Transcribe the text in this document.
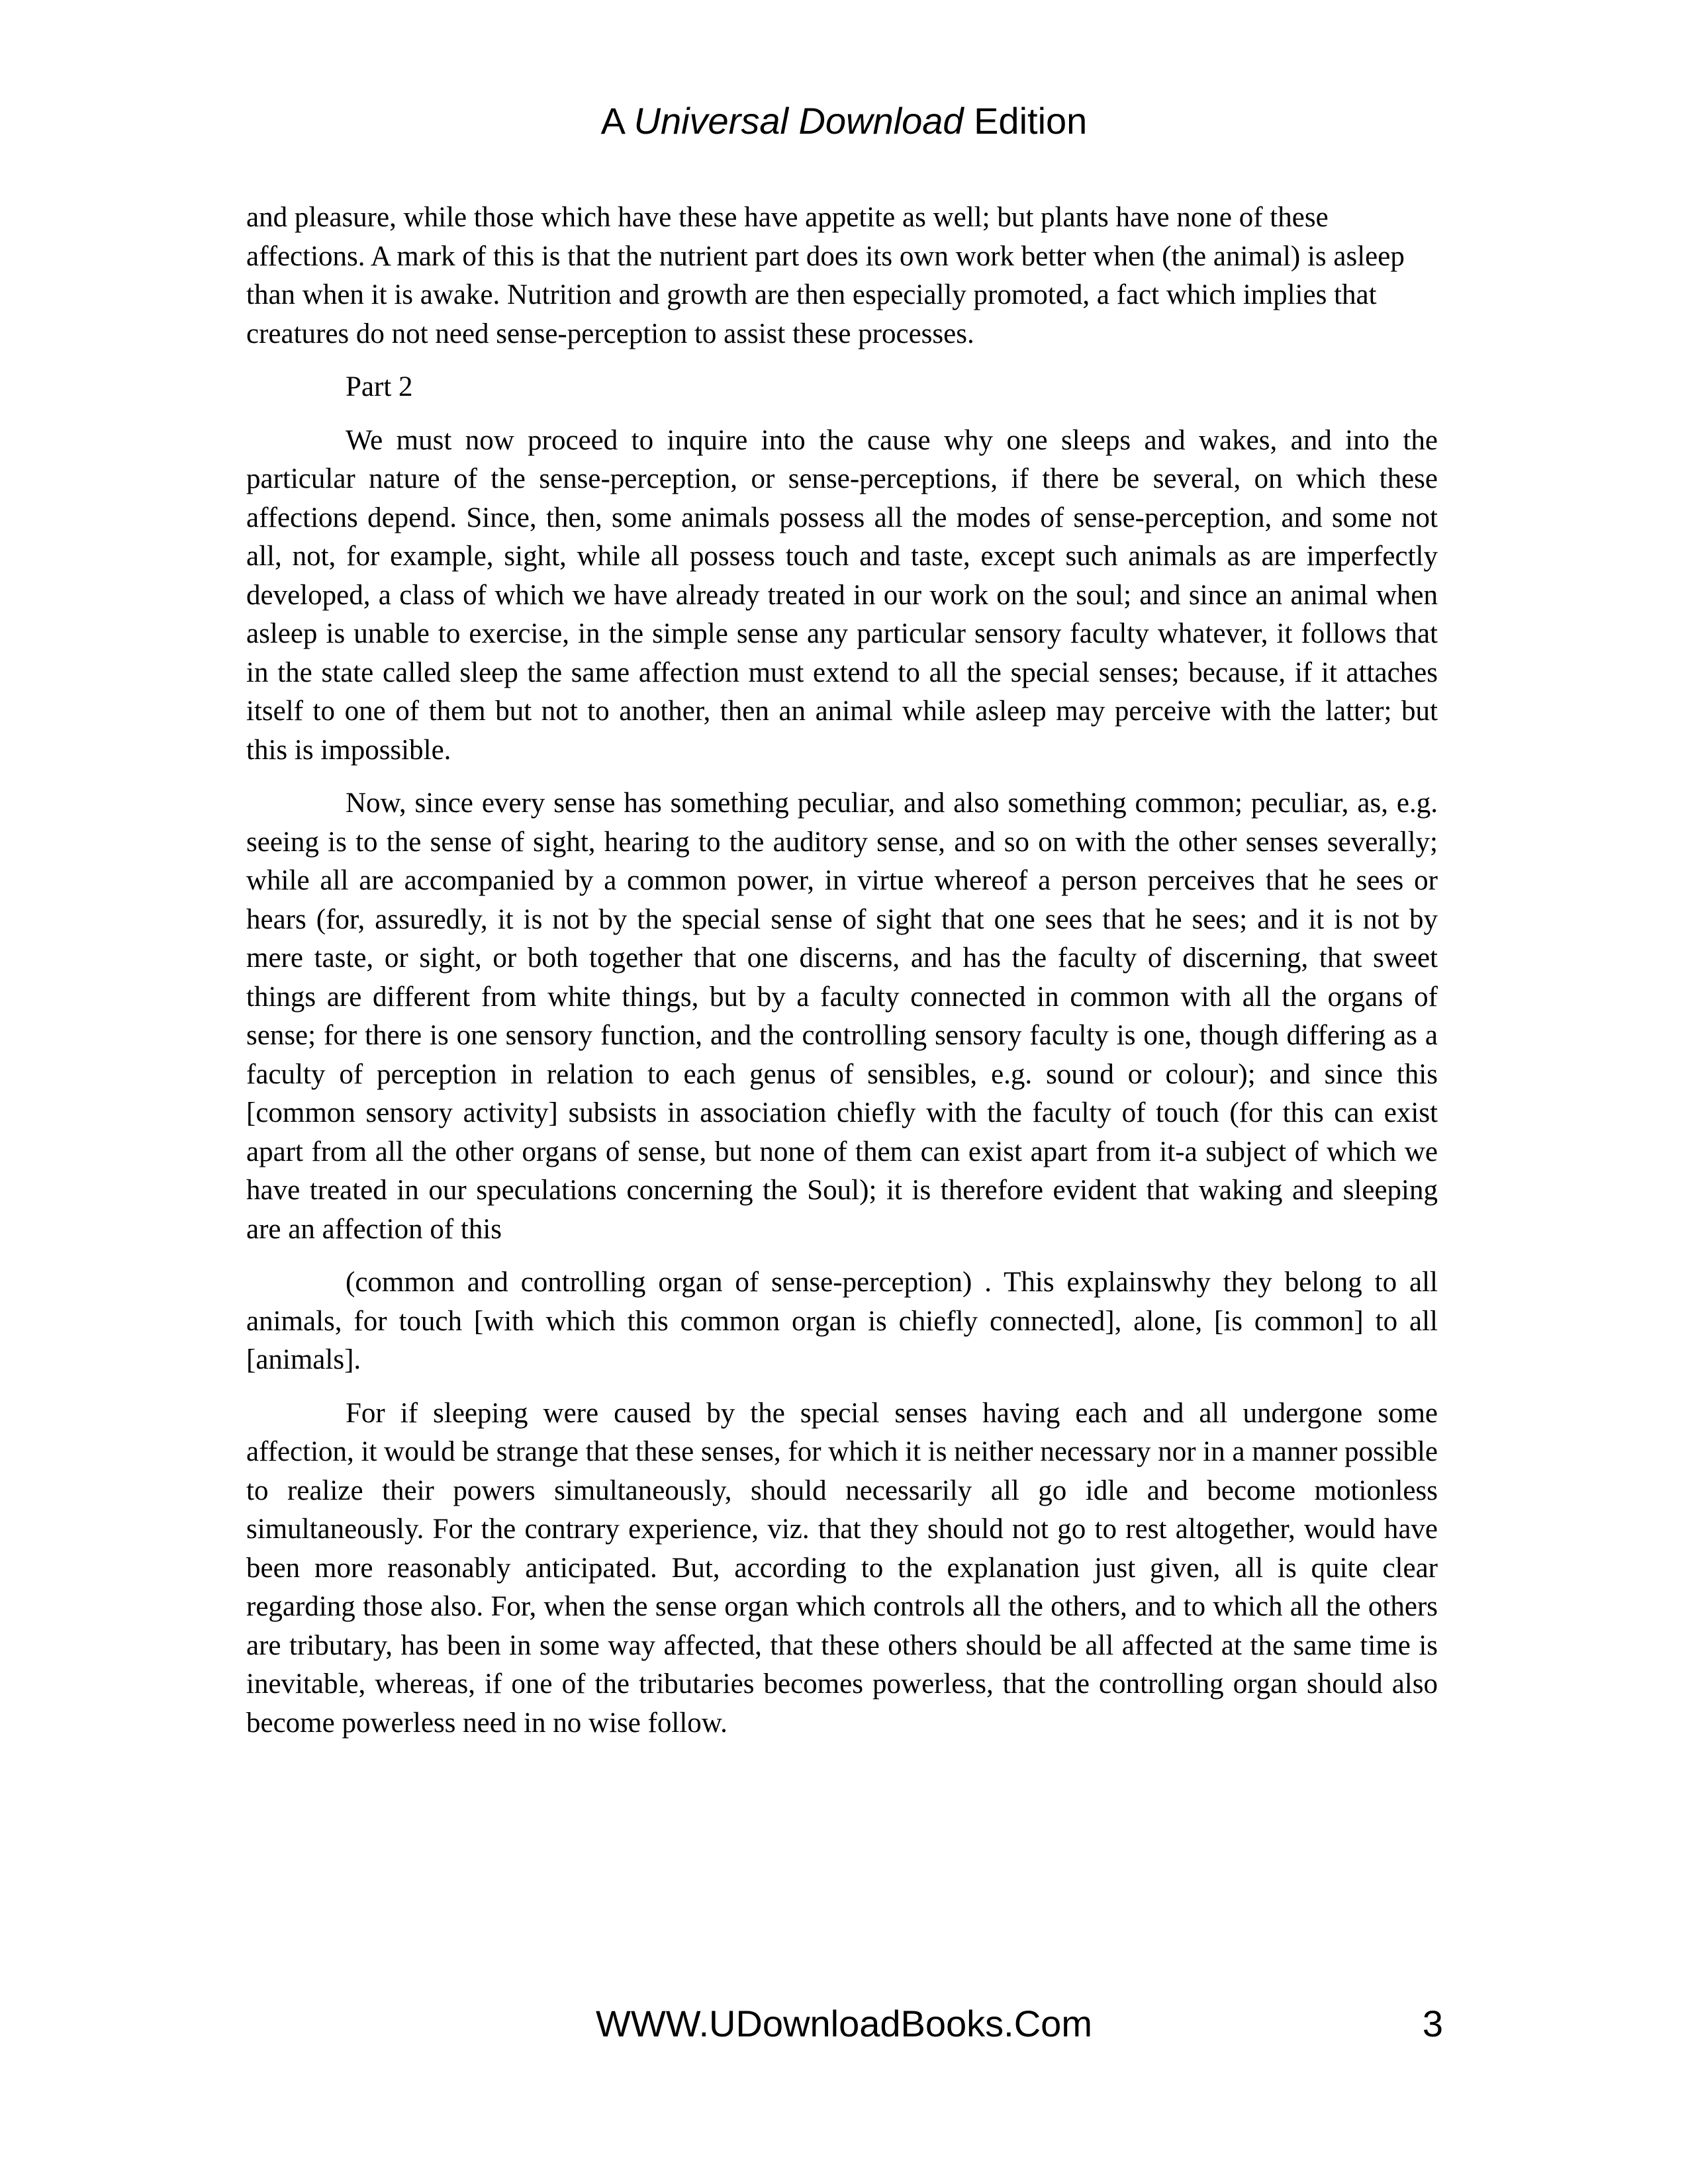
A Universal Download Edition

and pleasure, while those which have these have appetite as well; but plants have none of these affections. A mark of this is that the nutrient part does its own work better when (the animal) is asleep than when it is awake. Nutrition and growth are then especially promoted, a fact which implies that creatures do not need sense-perception to assist these processes.

Part 2

We must now proceed to inquire into the cause why one sleeps and wakes, and into the particular nature of the sense-perception, or sense-perceptions, if there be several, on which these affections depend. Since, then, some animals possess all the modes of sense-perception, and some not all, not, for example, sight, while all possess touch and taste, except such animals as are imperfectly developed, a class of which we have already treated in our work on the soul; and since an animal when asleep is unable to exercise, in the simple sense any particular sensory faculty whatever, it follows that in the state called sleep the same affection must extend to all the special senses; because, if it attaches itself to one of them but not to another, then an animal while asleep may perceive with the latter; but this is impossible.

Now, since every sense has something peculiar, and also something common; peculiar, as, e.g. seeing is to the sense of sight, hearing to the auditory sense, and so on with the other senses severally; while all are accompanied by a common power, in virtue whereof a person perceives that he sees or hears (for, assuredly, it is not by the special sense of sight that one sees that he sees; and it is not by mere taste, or sight, or both together that one discerns, and has the faculty of discerning, that sweet things are different from white things, but by a faculty connected in common with all the organs of sense; for there is one sensory function, and the controlling sensory faculty is one, though differing as a faculty of perception in relation to each genus of sensibles, e.g. sound or colour); and since this [common sensory activity] subsists in association chiefly with the faculty of touch (for this can exist apart from all the other organs of sense, but none of them can exist apart from it-a subject of which we have treated in our speculations concerning the Soul); it is therefore evident that waking and sleeping are an affection of this

(common and controlling organ of sense-perception) . This explainswhy they belong to all animals, for touch [with which this common organ is chiefly connected], alone, [is common] to all [animals].

For if sleeping were caused by the special senses having each and all undergone some affection, it would be strange that these senses, for which it is neither necessary nor in a manner possible to realize their powers simultaneously, should necessarily all go idle and become motionless simultaneously. For the contrary experience, viz. that they should not go to rest altogether, would have been more reasonably anticipated. But, according to the explanation just given, all is quite clear regarding those also. For, when the sense organ which controls all the others, and to which all the others are tributary, has been in some way affected, that these others should be all affected at the same time is inevitable, whereas, if one of the tributaries becomes powerless, that the controlling organ should also become powerless need in no wise follow.

WWW.UDownloadBooks.Com	3
